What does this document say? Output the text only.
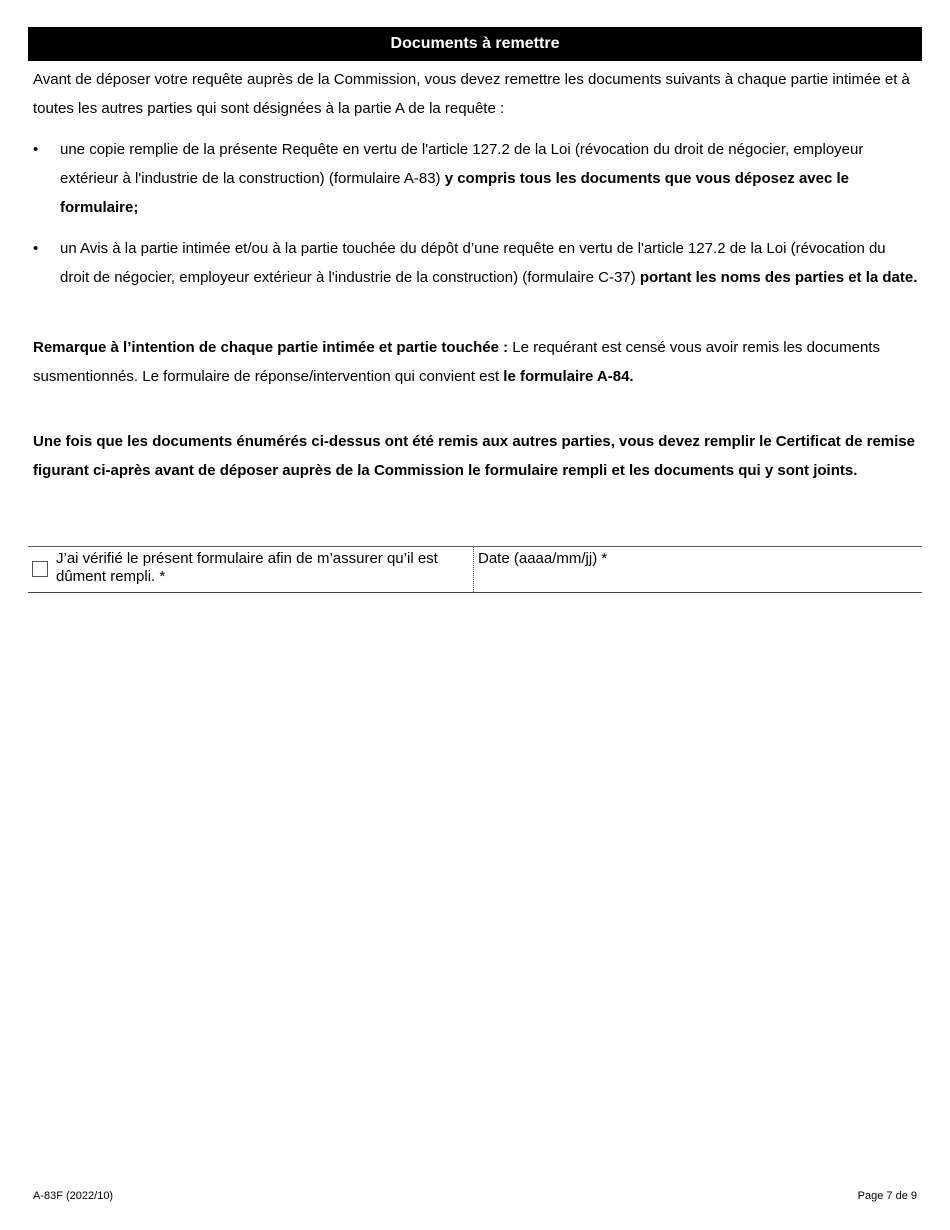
Documents à remettre

Avant de déposer votre requête auprès de la Commission, vous devez remettre les documents suivants à chaque partie intimée et à toutes les autres parties qui sont désignées à la partie A de la requête :

•	une copie remplie de la présente Requête en vertu de l'article 127.2 de la Loi (révocation du droit de négocier, employeur extérieur à l'industrie de la construction) (formulaire A-83) y compris tous les documents que vous déposez avec le formulaire;
•	un Avis à la partie intimée et/ou à la partie touchée du dépôt d’une requête en vertu de l'article 127.2 de la Loi (révocation du droit de négocier, employeur extérieur à l'industrie de la construction) (formulaire C-37) portant les noms des parties et la date.

Remarque à l’intention de chaque partie intimée et partie touchée : Le requérant est censé vous avoir remis les documents susmentionnés. Le formulaire de réponse/intervention qui convient est le formulaire A-84.

Une fois que les documents énumérés ci-dessus ont été remis aux autres parties, vous devez remplir le Certificat de remise figurant ci-après avant de déposer auprès de la Commission le formulaire rempli et les documents qui y sont joints.

J’ai vérifié le présent formulaire afin de m’assurer qu’il est dûment rempli. *
Date (aaaa/mm/jj) *
A-83F (2022/10)	Page 7 de 9
